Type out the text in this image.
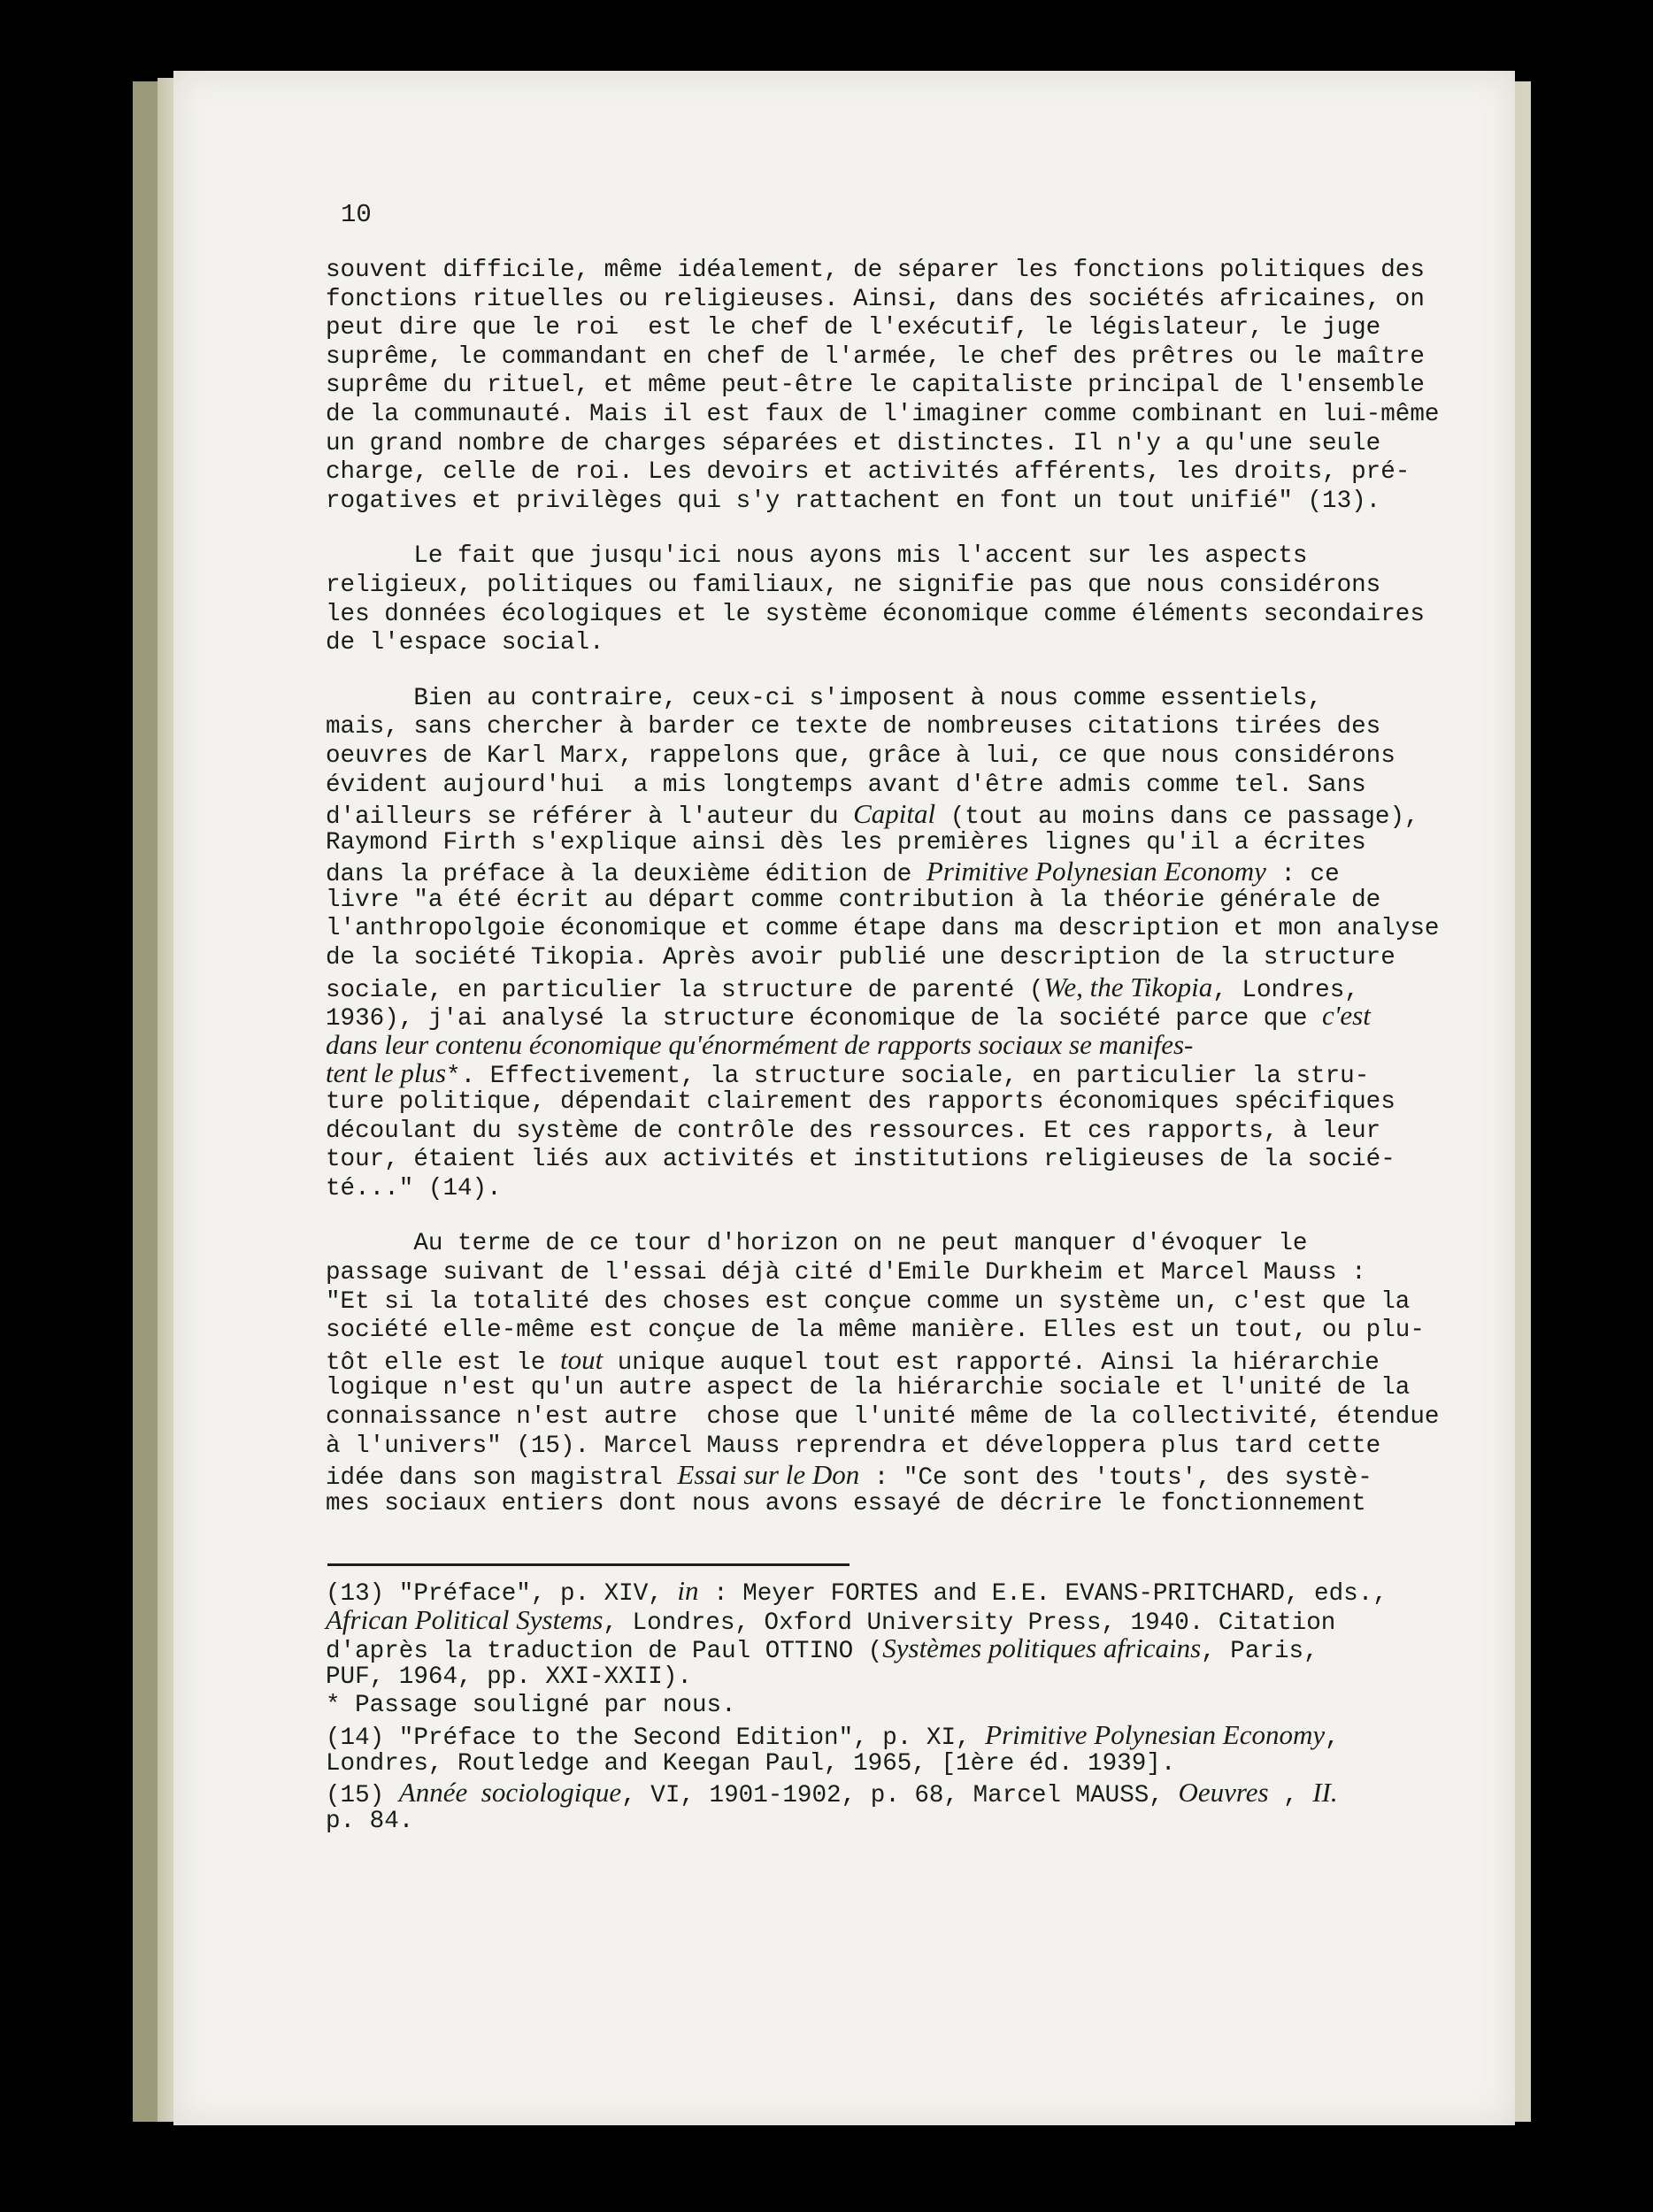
10
souvent difficile, même idéalement, de séparer les fonctions politiques des
fonctions rituelles ou religieuses. Ainsi, dans des sociétés africaines, on
peut dire que le roi  est le chef de l'exécutif, le législateur, le juge
suprême, le commandant en chef de l'armée, le chef des prêtres ou le maître
suprême du rituel, et même peut-être le capitaliste principal de l'ensemble
de la communauté. Mais il est faux de l'imaginer comme combinant en lui-même
un grand nombre de charges séparées et distinctes. Il n'y a qu'une seule
charge, celle de roi. Les devoirs et activités afférents, les droits, pré-
rogatives et privilèges qui s'y rattachent en font un tout unifié" (13).
Le fait que jusqu'ici nous ayons mis l'accent sur les aspects
religieux, politiques ou familiaux, ne signifie pas que nous considérons
les données écologiques et le système économique comme éléments secondaires
de l'espace social.
Bien au contraire, ceux-ci s'imposent à nous comme essentiels,
mais, sans chercher à barder ce texte de nombreuses citations tirées des
oeuvres de Karl Marx, rappelons que, grâce à lui, ce que nous considérons
évident aujourd'hui  a mis longtemps avant d'être admis comme tel. Sans
d'ailleurs se référer à l'auteur du Capital (tout au moins dans ce passage),
Raymond Firth s'explique ainsi dès les premières lignes qu'il a écrites
dans la préface à la deuxième édition de Primitive Polynesian Economy : ce
livre "a été écrit au départ comme contribution à la théorie générale de
l'anthropolgoie économique et comme étape dans ma description et mon analyse
de la société Tikopia. Après avoir publié une description de la structure
sociale, en particulier la structure de parenté (We, the Tikopia, Londres,
1936), j'ai analysé la structure économique de la société parce que c'est
dans leur contenu économique qu'énormément de rapports sociaux se manifes-
tent le plus*. Effectivement, la structure sociale, en particulier la stru-
ture politique, dépendait clairement des rapports économiques spécifiques
découlant du système de contrôle des ressources. Et ces rapports, à leur
tour, étaient liés aux activités et institutions religieuses de la socié-
té..." (14).
Au terme de ce tour d'horizon on ne peut manquer d'évoquer le
passage suivant de l'essai déjà cité d'Emile Durkheim et Marcel Mauss :
"Et si la totalité des choses est conçue comme un système un, c'est que la
société elle-même est conçue de la même manière. Elles est un tout, ou plu-
tôt elle est le tout unique auquel tout est rapporté. Ainsi la hiérarchie
logique n'est qu'un autre aspect de la hiérarchie sociale et l'unité de la
connaissance n'est autre  chose que l'unité même de la collectivité, étendue
à l'univers" (15). Marcel Mauss reprendra et développera plus tard cette
idée dans son magistral Essai sur le Don : "Ce sont des 'touts', des systè-
mes sociaux entiers dont nous avons essayé de décrire le fonctionnement
(13) "Préface", p. XIV, in : Meyer FORTES and E.E. EVANS-PRITCHARD, eds.,
African Political Systems, Londres, Oxford University Press, 1940. Citation
d'après la traduction de Paul OTTINO (Systèmes politiques africains, Paris,
PUF, 1964, pp. XXI-XXII).
* Passage souligné par nous.
(14) "Préface to the Second Edition", p. XI, Primitive Polynesian Economy,
Londres, Routledge and Keegan Paul, 1965, [1ère éd. 1939].
(15) Année  sociologique, VI, 1901-1902, p. 68, Marcel MAUSS, Oeuvres , II.
p. 84.
